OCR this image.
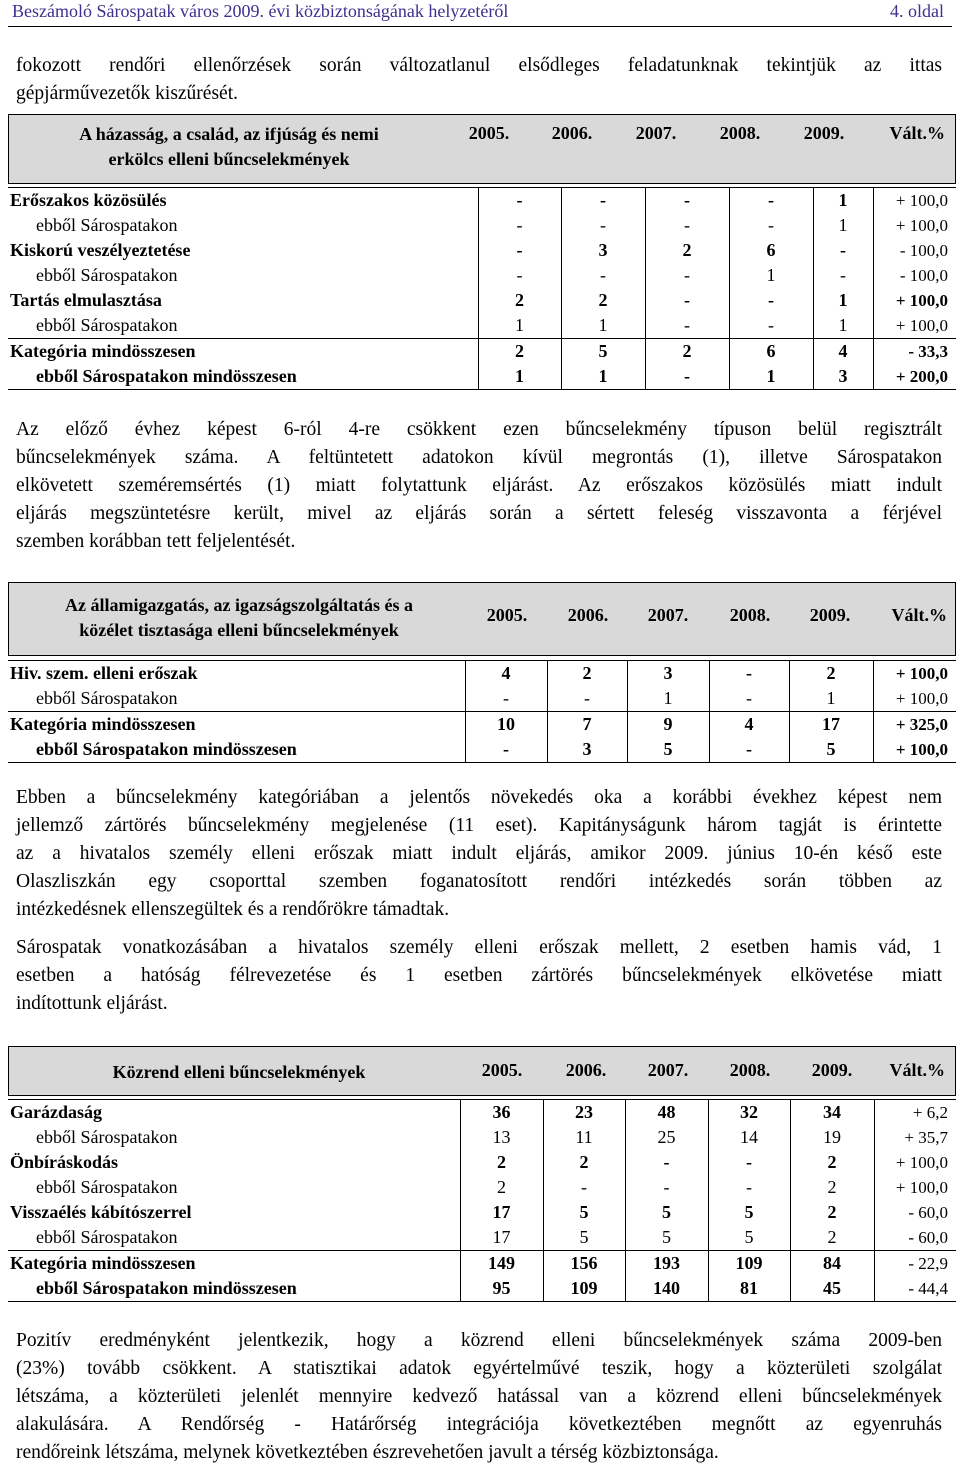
Beszámoló Sárospatak város 2009. évi közbiztonságának helyzetéről	4. oldal
fokozott rendőri ellenőrzések során változatlanul elsődleges feladatunknak tekintjük az ittas
gépjárművezetők kiszűrését.
A házasság, a család, az ifjúság és nemi
erkölcs elleni bűncselekmények
2005.	2006.	2007.	2008.	2009.	Vált.%
Erőszakos közösülés	-	-	-	-	1	+ 100,0
ebből Sárospatakon	-	-	-	-	1	+ 100,0
Kiskorú veszélyeztetése	-	3	2	6	-	- 100,0
ebből Sárospatakon	-	-	-	1	-	- 100,0
Tartás elmulasztása	2	2	-	-	1	+ 100,0
ebből Sárospatakon	1	1	-	-	1	+ 100,0
Kategória mindösszesen	2	5	2	6	4	- 33,3
ebből Sárospatakon mindösszesen	1	1	-	1	3	+ 200,0
Az előző évhez képest 6-ról 4-re csökkent ezen bűncselekmény típuson belül regisztrált
bűncselekmények száma. A feltüntetett adatokon kívül megrontás (1), illetve Sárospatakon
elkövetett szeméremsértés (1) miatt folytattunk eljárást. Az erőszakos közösülés miatt indult
eljárás megszüntetésre került, mivel az eljárás során a sértett feleség visszavonta a férjével
szemben korábban tett feljelentését.
Az államigazgatás, az igazságszolgáltatás és a
közélet tisztasága elleni bűncselekmények
2005.	2006.	2007.	2008.	2009.	Vált.%
Hiv. szem. elleni erőszak	4	2	3	-	2	+ 100,0
ebből Sárospatakon	-	-	1	-	1	+ 100,0
Kategória mindösszesen	10	7	9	4	17	+ 325,0
ebből Sárospatakon mindösszesen	-	3	5	-	5	+ 100,0
Ebben a bűncselekmény kategóriában a jelentős növekedés oka a korábbi évekhez képest nem
jellemző zártörés bűncselekmény megjelenése (11 eset). Kapitányságunk három tagját is érintette
az a hivatalos személy elleni erőszak miatt indult eljárás, amikor 2009. június 10-én késő este
Olaszliszkán egy csoporttal szemben foganatosított rendőri intézkedés során többen az
intézkedésnek ellenszegültek és a rendőrökre támadtak.
Sárospatak vonatkozásában a hivatalos személy elleni erőszak mellett, 2 esetben hamis vád, 1
esetben a hatóság félrevezetése és 1 esetben zártörés bűncselekmények elkövetése miatt
indítottunk eljárást.
Közrend elleni bűncselekmények	2005.	2006.	2007.	2008.	2009.	Vált.%
Garázdaság	36	23	48	32	34	+ 6,2
ebből Sárospatakon	13	11	25	14	19	+ 35,7
Önbíráskodás	2	2	-	-	2	+ 100,0
ebből Sárospatakon	2	-	-	-	2	+ 100,0
Visszaélés kábítószerrel	17	5	5	5	2	- 60,0
ebből Sárospatakon	17	5	5	5	2	- 60,0
Kategória mindösszesen	149	156	193	109	84	- 22,9
ebből Sárospatakon mindösszesen	95	109	140	81	45	- 44,4
Pozitív eredményként jelentkezik, hogy a közrend elleni bűncselekmények száma 2009-ben
(23%) tovább csökkent. A statisztikai adatok egyértelművé teszik, hogy a közterületi szolgálat
létszáma, a közterületi jelenlét mennyire kedvező hatással van a közrend elleni bűncselekmények
alakulására. A Rendőrség - Határőrség integrációja következtében megnőtt az egyenruhás
rendőreink létszáma, melynek következtében észrevehetően javult a térség közbiztonsága.
